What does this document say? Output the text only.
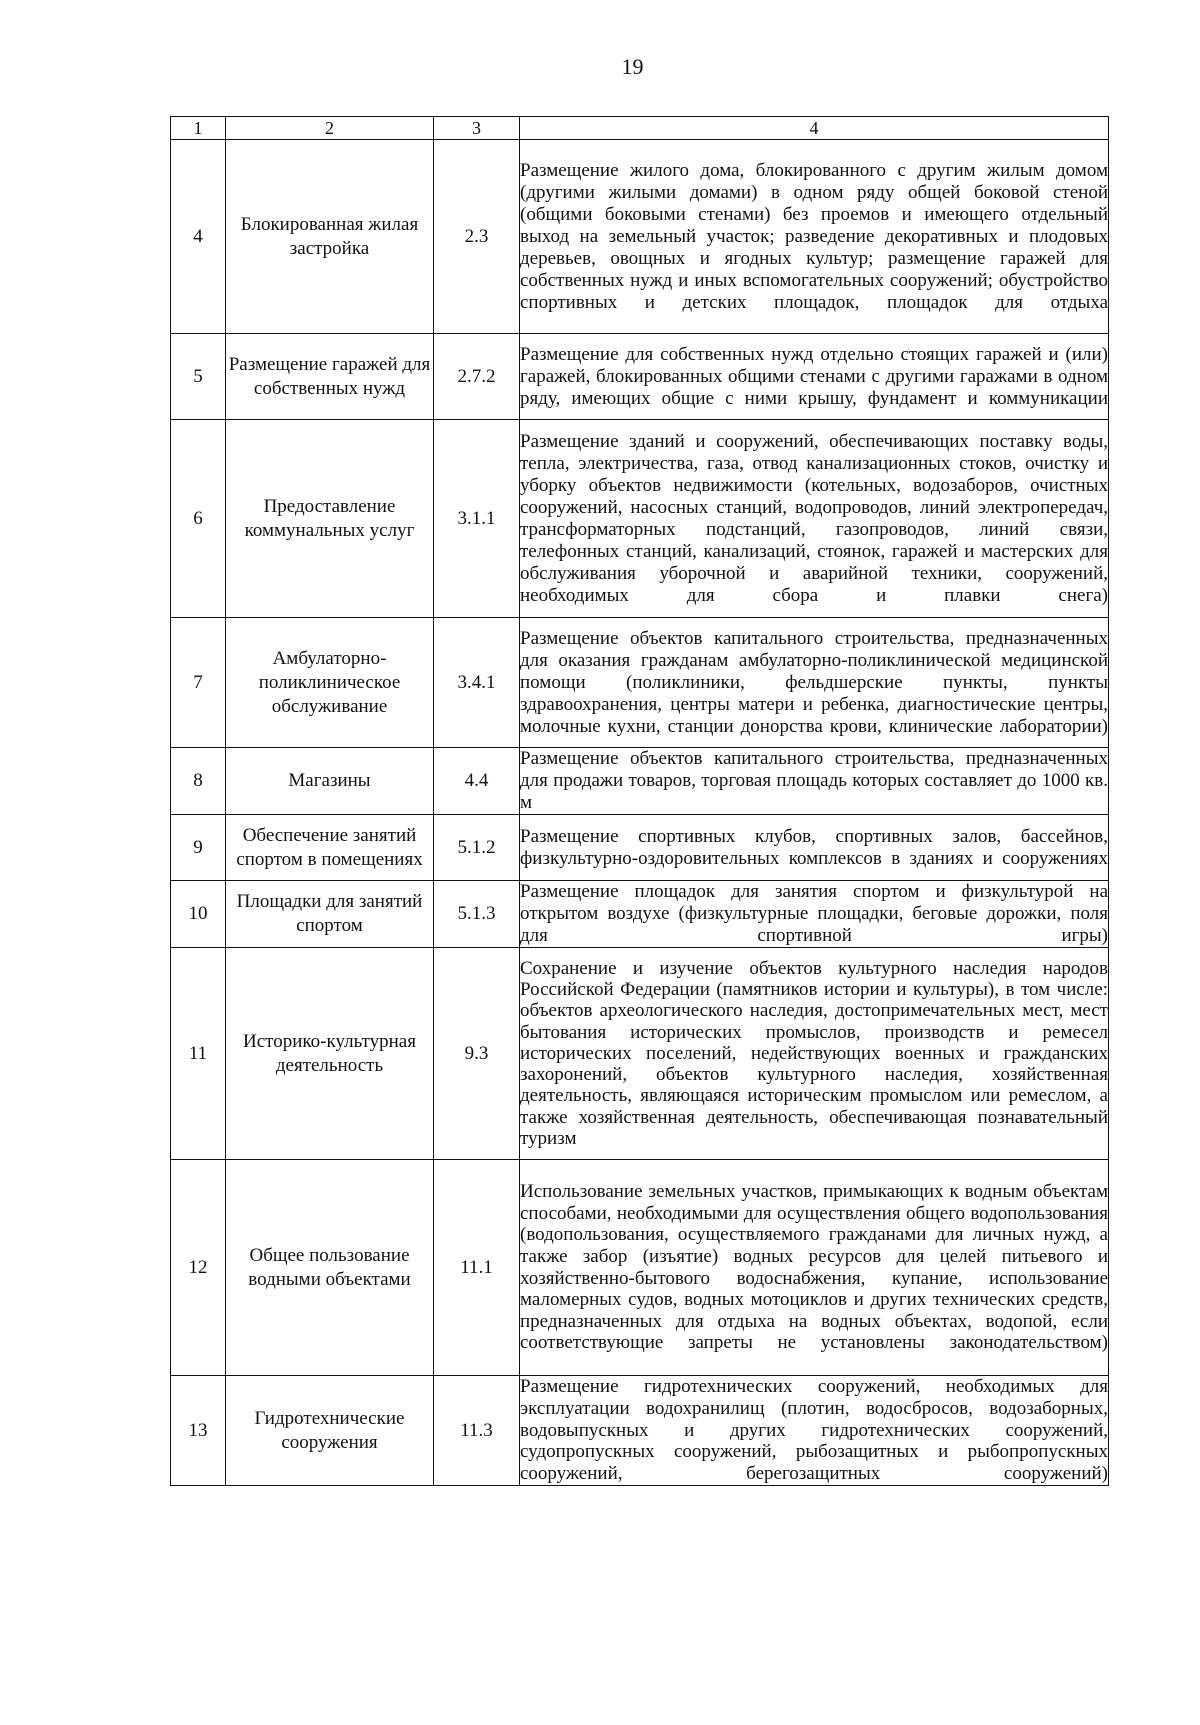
19
1	2	3	4
4	Блокированная жилая застройка	2.3	Размещение жилого дома, блокированного с другим жилым домом (другими жилыми домами) в одном ряду общей боковой стеной (общими боковыми стенами) без проемов и имеющего отдельный выход на земельный участок; разведение декоративных и плодовых деревьев, овощных и ягодных культур; размещение гаражей для собственных нужд и иных вспомогательных сооружений; обустройство спортивных и детских площадок, площадок для отдыха
5	Размещение гаражей для собственных нужд	2.7.2	Размещение для собственных нужд отдельно стоящих гаражей и (или) гаражей, блокированных общими стенами с другими гаражами в одном ряду, имеющих общие с ними крышу, фундамент и коммуникации
6	Предоставление коммунальных услуг	3.1.1	Размещение зданий и сооружений, обеспечивающих поставку воды, тепла, электричества, газа, отвод канализационных стоков, очистку и уборку объектов недвижимости (котельных, водозаборов, очистных сооружений, насосных станций, водопроводов, линий электропередач, трансформаторных подстанций, газопроводов, линий связи, телефонных станций, канализаций, стоянок, гаражей и мастерских для обслуживания уборочной и аварийной техники, сооружений, необходимых для сбора и плавки снега)
7	Амбулаторно-поликлиническое обслуживание	3.4.1	Размещение объектов капитального строительства, предназначенных для оказания гражданам амбулаторно-поликлинической медицинской помощи (поликлиники, фельдшерские пункты, пункты здравоохранения, центры матери и ребенка, диагностические центры, молочные кухни, станции донорства крови, клинические лаборатории)
8	Магазины	4.4	Размещение объектов капитального строительства, предназначенных для продажи товаров, торговая площадь которых составляет до 1000 кв. м
9	Обеспечение занятий спортом в помещениях	5.1.2	Размещение спортивных клубов, спортивных залов, бассейнов, физкультурно-оздоровительных комплексов в зданиях и сооружениях
10	Площадки для занятий спортом	5.1.3	Размещение площадок для занятия спортом и физкультурой на открытом воздухе (физкультурные площадки, беговые дорожки, поля для спортивной игры)
11	Историко-культурная деятельность	9.3	Сохранение и изучение объектов культурного наследия народов Российской Федерации (памятников истории и культуры), в том числе: объектов археологического наследия, достопримечательных мест, мест бытования исторических промыслов, производств и ремесел исторических поселений, недействующих военных и гражданских захоронений, объектов культурного наследия, хозяйственная деятельность, являющаяся историческим промыслом или ремеслом, а также хозяйственная деятельность, обеспечивающая познавательный туризм
12	Общее пользование водными объектами	11.1	Использование земельных участков, примыкающих к водным объектам способами, необходимыми для осуществления общего водопользования (водопользования, осуществляемого гражданами для личных нужд, а также забор (изъятие) водных ресурсов для целей питьевого и хозяйственно-бытового водоснабжения, купание, использование маломерных судов, водных мотоциклов и других технических средств, предназначенных для отдыха на водных объектах, водопой, если соответствующие запреты не установлены законодательством)
13	Гидротехнические сооружения	11.3	Размещение гидротехнических сооружений, необходимых для эксплуатации водохранилищ (плотин, водосбросов, водозаборных, водовыпускных и других гидротехнических сооружений, судопропускных сооружений, рыбозащитных и рыбопропускных сооружений, берегозащитных сооружений)
